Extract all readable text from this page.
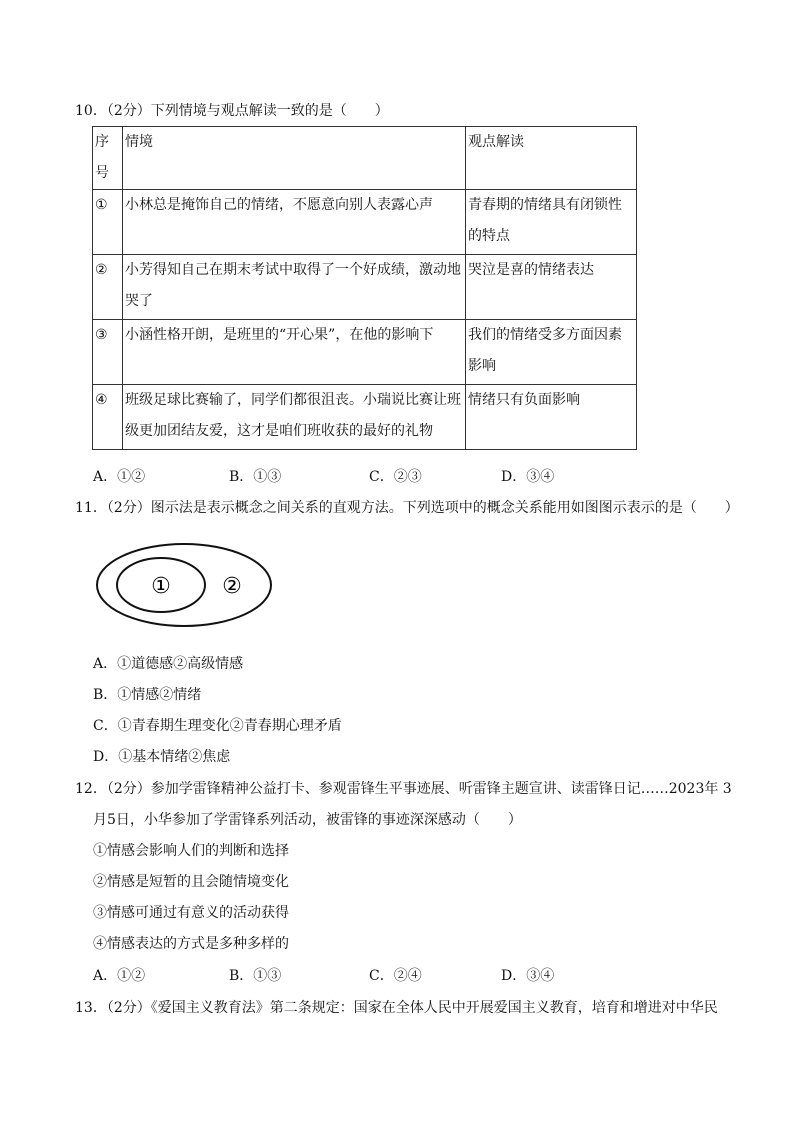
10．（2分）下列情境与观点解读一致的是（　　）
序号	情境	观点解读
①	小林总是掩饰自己的情绪，不愿意向别人表露心声	青春期的情绪具有闭锁性的特点
②	小芳得知自己在期末考试中取得了一个好成绩，激动地哭了	哭泣是喜的情绪表达
③	小涵性格开朗，是班里的“开心果”，在他的影响下	我们的情绪受多方面因素影响
④	班级足球比赛输了，同学们都很沮丧。小瑞说比赛让班级更加团结友爱，这才是咱们班收获的最好的礼物	情绪只有负面影响
A．①②	B．①③	C．②③	D．③④
11．（2分）图示法是表示概念之间关系的直观方法。下列选项中的概念关系能用如图图示表示的是（　　）
① ②
A．①道德感②高级情感
B．①情感②情绪
C．①青春期生理变化②青春期心理矛盾
D．①基本情绪②焦虑
12．（2分）参加学雷锋精神公益打卡、参观雷锋生平事迹展、听雷锋主题宣讲、读雷锋日记……2023年 3
月5日，小华参加了学雷锋系列活动，被雷锋的事迹深深感动（　　）
①情感会影响人们的判断和选择
②情感是短暂的且会随情境变化
③情感可通过有意义的活动获得
④情感表达的方式是多种多样的
A．①②	B．①③	C．②④	D．③④
13．（2分）《爱国主义教育法》第二条规定：国家在全体人民中开展爱国主义教育，培育和增进对中华民
